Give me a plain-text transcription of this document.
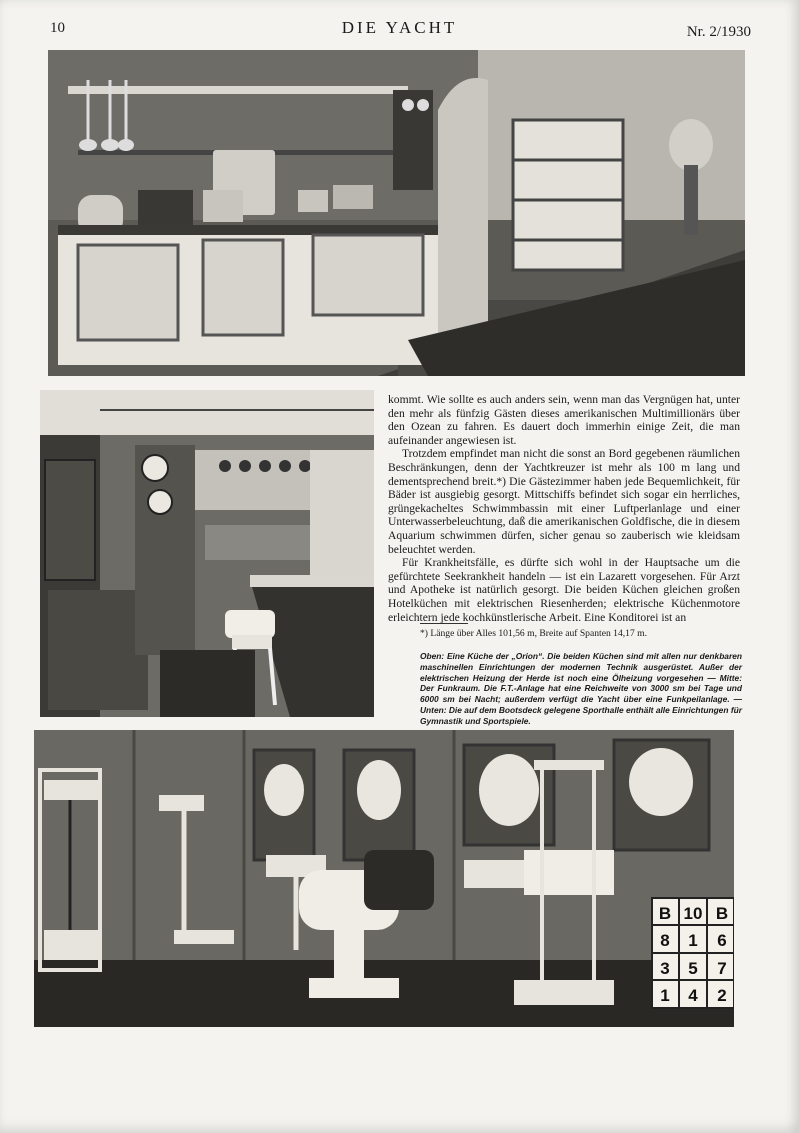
10	DIE YACHT	Nr. 2/1930

kommt. Wie sollte es auch anders sein, wenn man das Vergnügen hat, unter den mehr als fünfzig Gästen dieses amerikanischen Multimillionärs über den Ozean zu fahren. Es dauert doch immerhin einige Zeit, die man aufeinander angewiesen ist.

Trotzdem empfindet man nicht die sonst an Bord gegebenen räumlichen Beschränkungen, denn der Yachtkreuzer ist mehr als 100 m lang und dementsprechend breit.*) Die Gästezimmer haben jede Bequemlichkeit, für Bäder ist ausgiebig gesorgt. Mittschiffs befindet sich sogar ein herrliches, grüngekacheltes Schwimmbassin mit einer Luftperlanlage und einer Unterwasserbeleuchtung, daß die amerikanischen Goldfische, die in diesem Aquarium schwimmen dürfen, sicher genau so zauberisch wie kleidsam beleuchtet werden.

Für Krankheitsfälle, es dürfte sich wohl in der Hauptsache um die gefürchtete Seekrankheit handeln — ist ein Lazarett vorgesehen. Für Arzt und Apotheke ist natürlich gesorgt. Die beiden Küchen gleichen großen Hotelküchen mit elektrischen Riesenherden; elektrische Küchenmotore erleichtern jede kochkünstlerische Arbeit. Eine Konditorei ist an

*) Länge über Alles 101,56 m, Breite auf Spanten 14,17 m.
Oben: Eine Küche der „Orion“. Die beiden Küchen sind mit allen nur denkbaren maschinellen Einrichtungen der modernen Technik ausgerüstet. Außer der elektrischen Heizung der Herde ist noch eine Ölheizung vorgesehen — Mitte: Der Funkraum. Die F.T.-Anlage hat eine Reichweite von 3000 sm bei Tage und 6000 sm bei Nacht; außerdem verfügt die Yacht über eine Funkpeilanlage. — Unten: Die auf dem Bootsdeck gelegene Sporthalle enthält alle Einrichtungen für Gymnastik und Sportspiele.
B 10 B
8 1 6
3 5 7
1 4 2
